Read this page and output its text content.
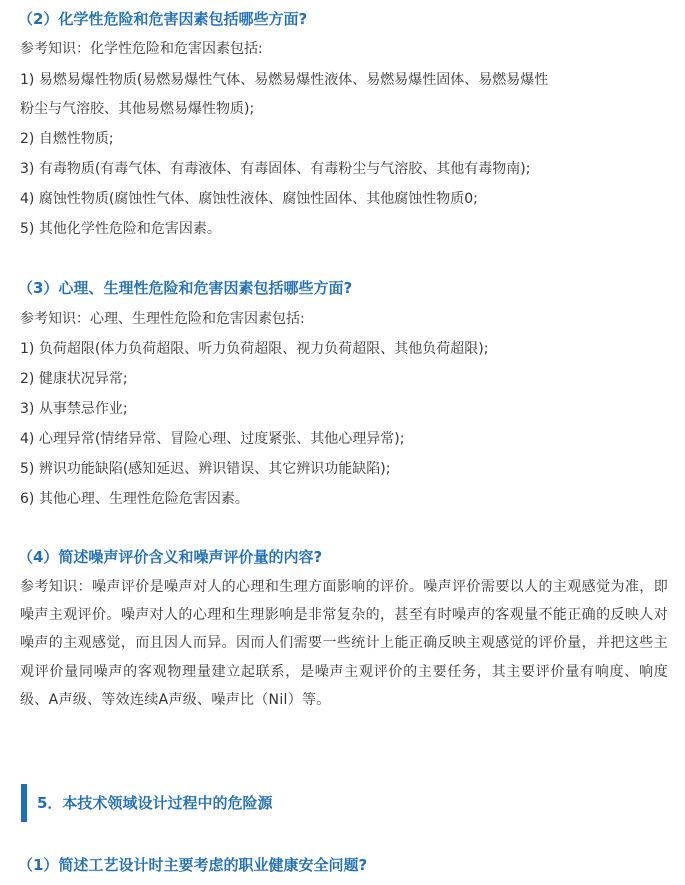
（2）化学性危险和危害因素包括哪些方面?
参考知识：化学性危险和危害因素包括:
1) 易燃易爆性物质(易燃易爆性气体、易燃易爆性液体、易燃易爆性固体、易燃易爆性
粉尘与气溶胶、其他易燃易爆性物质);
2) 自燃性物质;
3) 有毒物质(有毒气体、有毒液体、有毒固体、有毒粉尘与气溶胶、其他有毒物南);
4) 腐蚀性物质(腐蚀性气体、腐蚀性液体、腐蚀性固体、其他腐蚀性物质0;
5) 其他化学性危险和危害因素。
（3）心理、生理性危险和危害因素包括哪些方面?
参考知识：心理、生理性危险和危害因素包括:
1) 负荷超限(体力负荷超限、听力负荷超限、视力负荷超限、其他负荷超限);
2) 健康状况异常;
3) 从事禁忌作业;
4) 心理异常(情绪异常、冒险心理、过度紧张、其他心理异常);
5) 辨识功能缺陷(感知延迟、辨识错误、其它辨识功能缺陷);
6) 其他心理、生理性危险危害因素。
（4）简述噪声评价含义和噪声评价量的内容?
参考知识：噪声评价是噪声对人的心理和生理方面影响的评价。噪声评价需要以人的主观感觉为准，即噪声主观评价。噪声对人的心理和生理影响是非常复杂的，甚至有时噪声的客观量不能正确的反映人对噪声的主观感觉，而且因人而异。因而人们需要一些统计上能正确反映主观感觉的评价量，并把这些主观评价量同噪声的客观物理量建立起联系，是噪声主观评价的主要任务，其主要评价量有响度、响度级、A声级、等效连续A声级、噪声比（Nil）等。
5．本技术领域设计过程中的危险源
（1）简述工艺设计时主要考虑的职业健康安全问题?
